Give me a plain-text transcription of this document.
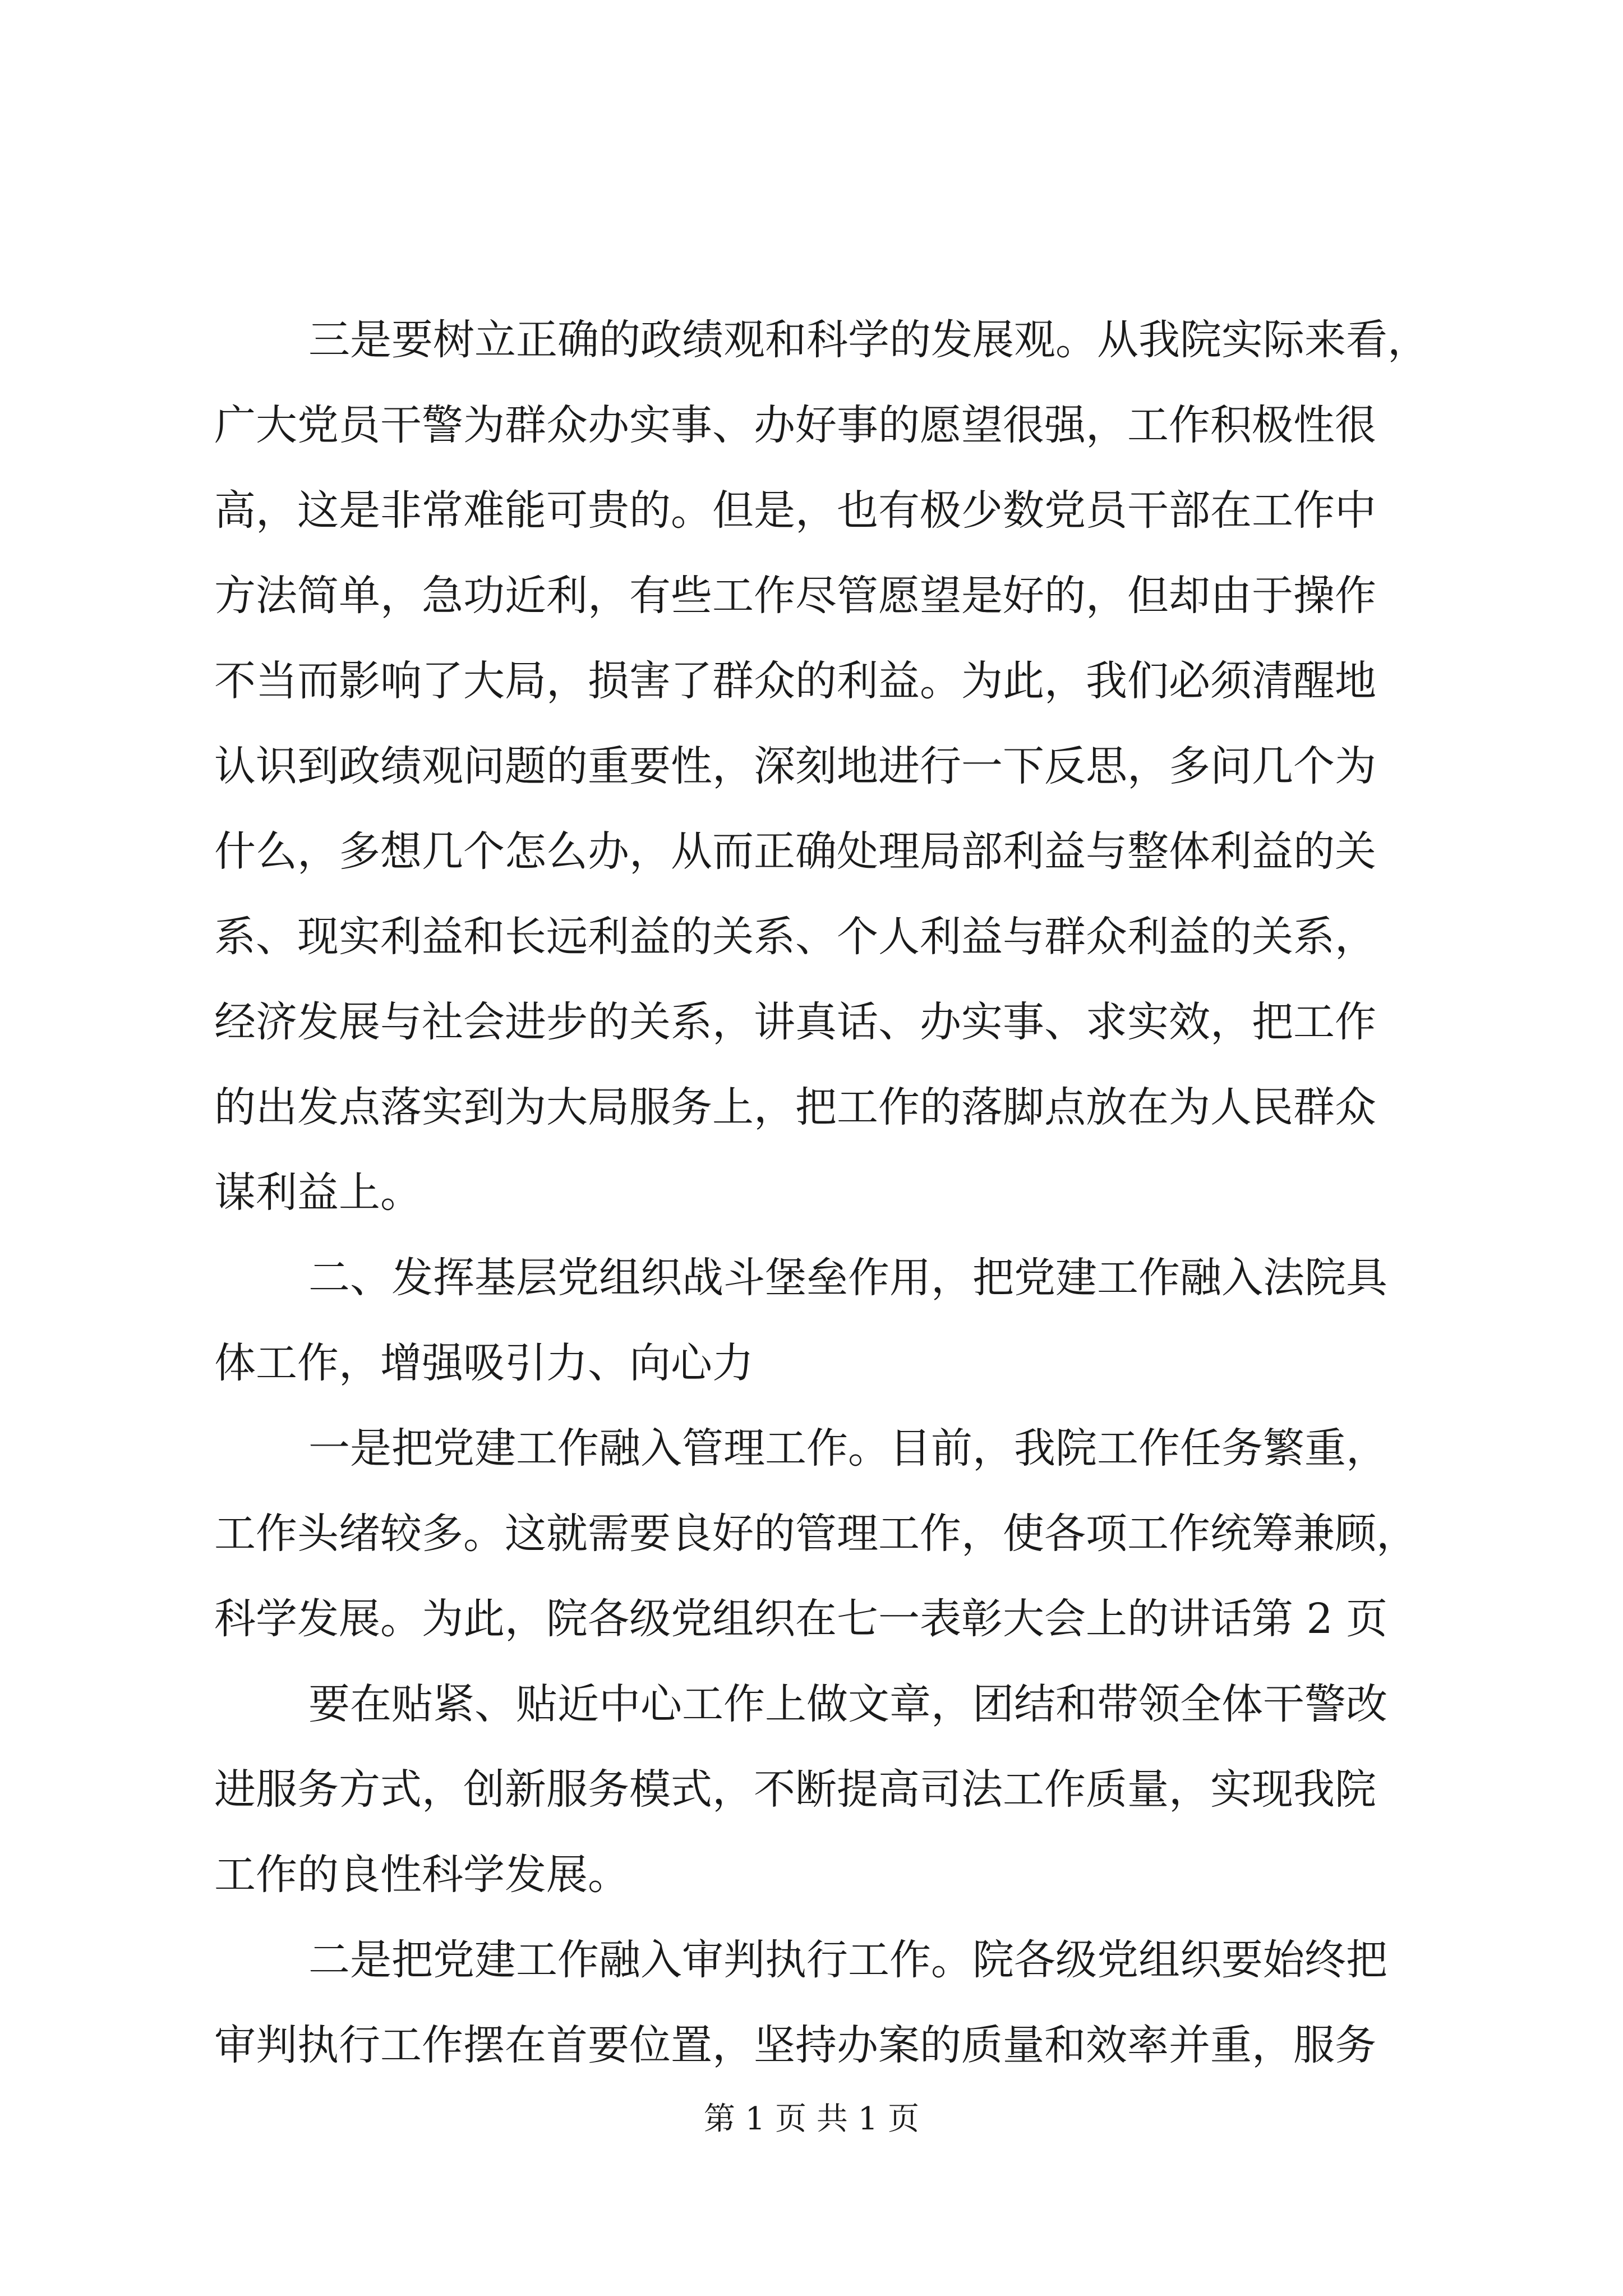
三是要树立正确的政绩观和科学的发展观。从我院实际来看，
广大党员干警为群众办实事、办好事的愿望很强，工作积极性很
高，这是非常难能可贵的。但是，也有极少数党员干部在工作中
方法简单，急功近利，有些工作尽管愿望是好的，但却由于操作
不当而影响了大局，损害了群众的利益。为此，我们必须清醒地
认识到政绩观问题的重要性，深刻地进行一下反思，多问几个为
什么，多想几个怎么办，从而正确处理局部利益与整体利益的关
系、现实利益和长远利益的关系、个人利益与群众利益的关系，
经济发展与社会进步的关系，讲真话、办实事、求实效，把工作
的出发点落实到为大局服务上，把工作的落脚点放在为人民群众
谋利益上。
二、发挥基层党组织战斗堡垒作用，把党建工作融入法院具
体工作，增强吸引力、向心力
一是把党建工作融入管理工作。目前，我院工作任务繁重，
工作头绪较多。这就需要良好的管理工作，使各项工作统筹兼顾，
科学发展。为此，院各级党组织在七一表彰大会上的讲话第 2 页
要在贴紧、贴近中心工作上做文章，团结和带领全体干警改
进服务方式，创新服务模式，不断提高司法工作质量，实现我院
工作的良性科学发展。
二是把党建工作融入审判执行工作。院各级党组织要始终把
审判执行工作摆在首要位置，坚持办案的质量和效率并重，服务
第 1 页 共 1 页
